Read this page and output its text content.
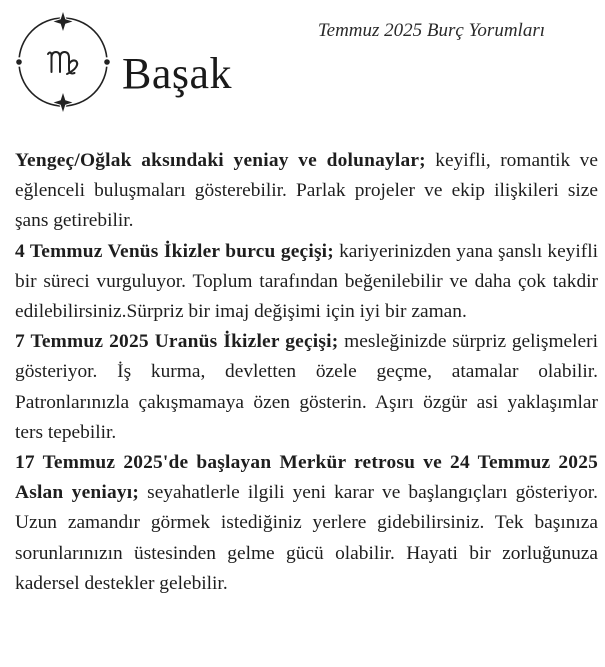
Temmuz 2025 Burç Yorumları
Başak

Yengeç/Oğlak aksındaki yeniay ve dolunaylar; keyifli, romantik ve eğlenceli buluşmaları gösterebilir. Parlak projeler ve ekip ilişkileri size şans getirebilir.

4 Temmuz Venüs İkizler burcu geçişi; kariyerinizden yana şanslı keyifli bir süreci vurguluyor. Toplum tarafından beğenilebilir ve daha çok takdir edilebilirsiniz.Sürpriz bir imaj değişimi için iyi bir zaman.

7 Temmuz 2025 Uranüs İkizler geçişi; mesleğinizde sürpriz gelişmeleri gösteriyor. İş kurma, devletten özele geçme, atamalar olabilir. Patronlarınızla çakışmamaya özen gösterin. Aşırı özgür asi yaklaşımlar ters tepebilir.

17 Temmuz 2025'de başlayan Merkür retrosu ve 24 Temmuz 2025 Aslan yeniayı; seyahatlerle ilgili yeni karar ve başlangıçları gösteriyor. Uzun zamandır görmek istediğiniz yerlere gidebilirsiniz. Tek başınıza sorunlarınızın üstesinden gelme gücü olabilir. Hayati bir zorluğunuza kadersel destekler gelebilir.
